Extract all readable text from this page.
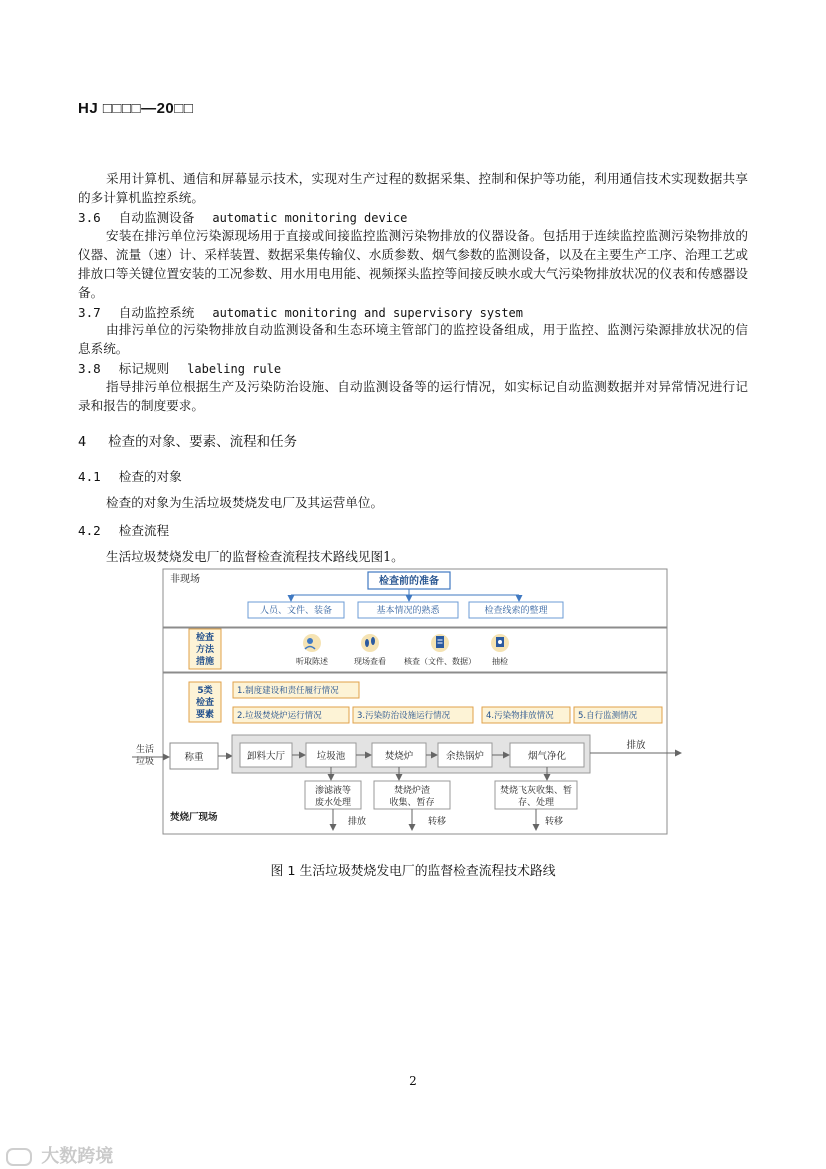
HJ □□□□—20□□
采用计算机、通信和屏幕显示技术，实现对生产过程的数据采集、控制和保护等功能，利用通信技术实现数据共享的多计算机监控系统。
3.6 自动监测设备 automatic monitoring device
安装在排污单位污染源现场用于直接或间接监控监测污染物排放的仪器设备。包括用于连续监控监测污染物排放的仪器、流量（速）计、采样装置、数据采集传输仪、水质参数、烟气参数的监测设备，以及在主要生产工序、治理工艺或排放口等关键位置安装的工况参数、用水用电用能、视频探头监控等间接反映水或大气污染物排放状况的仪表和传感器设备。
3.7 自动监控系统 automatic monitoring and supervisory system
由排污单位的污染物排放自动监测设备和生态环境主管部门的监控设备组成，用于监控、监测污染源排放状况的信息系统。
3.8 标记规则 labeling rule
指导排污单位根据生产及污染防治设施、自动监测设备等的运行情况，如实标记自动监测数据并对异常情况进行记录和报告的制度要求。
4 检查的对象、要素、流程和任务
4.1 检查的对象
检查的对象为生活垃圾焚烧发电厂及其运营单位。
4.2 检查流程
生活垃圾焚烧发电厂的监督检查流程技术路线见图1。
非现场	检查前的准备
人员、文件、装备	基本情况的熟悉	检查线索的整理
检查
方法
措施	听取陈述	现场查看 核查（文件、数据） 抽检
5类
检查
要素
1.制度建设和责任履行情况
2.垃圾焚烧炉运行情况	3.污染防治设施运行情况	4.污染物排放情况	5.自行监测情况
生活
垃圾	称重	卸料大厅	垃圾池	焚烧炉	余热锅炉	烟气净化
排放
渗滤液等
废水处理
焚烧炉渣
收集、暂存
焚烧飞灰收集、暂
存、处理
排放	转移	转移
焚烧厂现场
图 1 生活垃圾焚烧发电厂的监督检查流程技术路线
2
大数跨境
